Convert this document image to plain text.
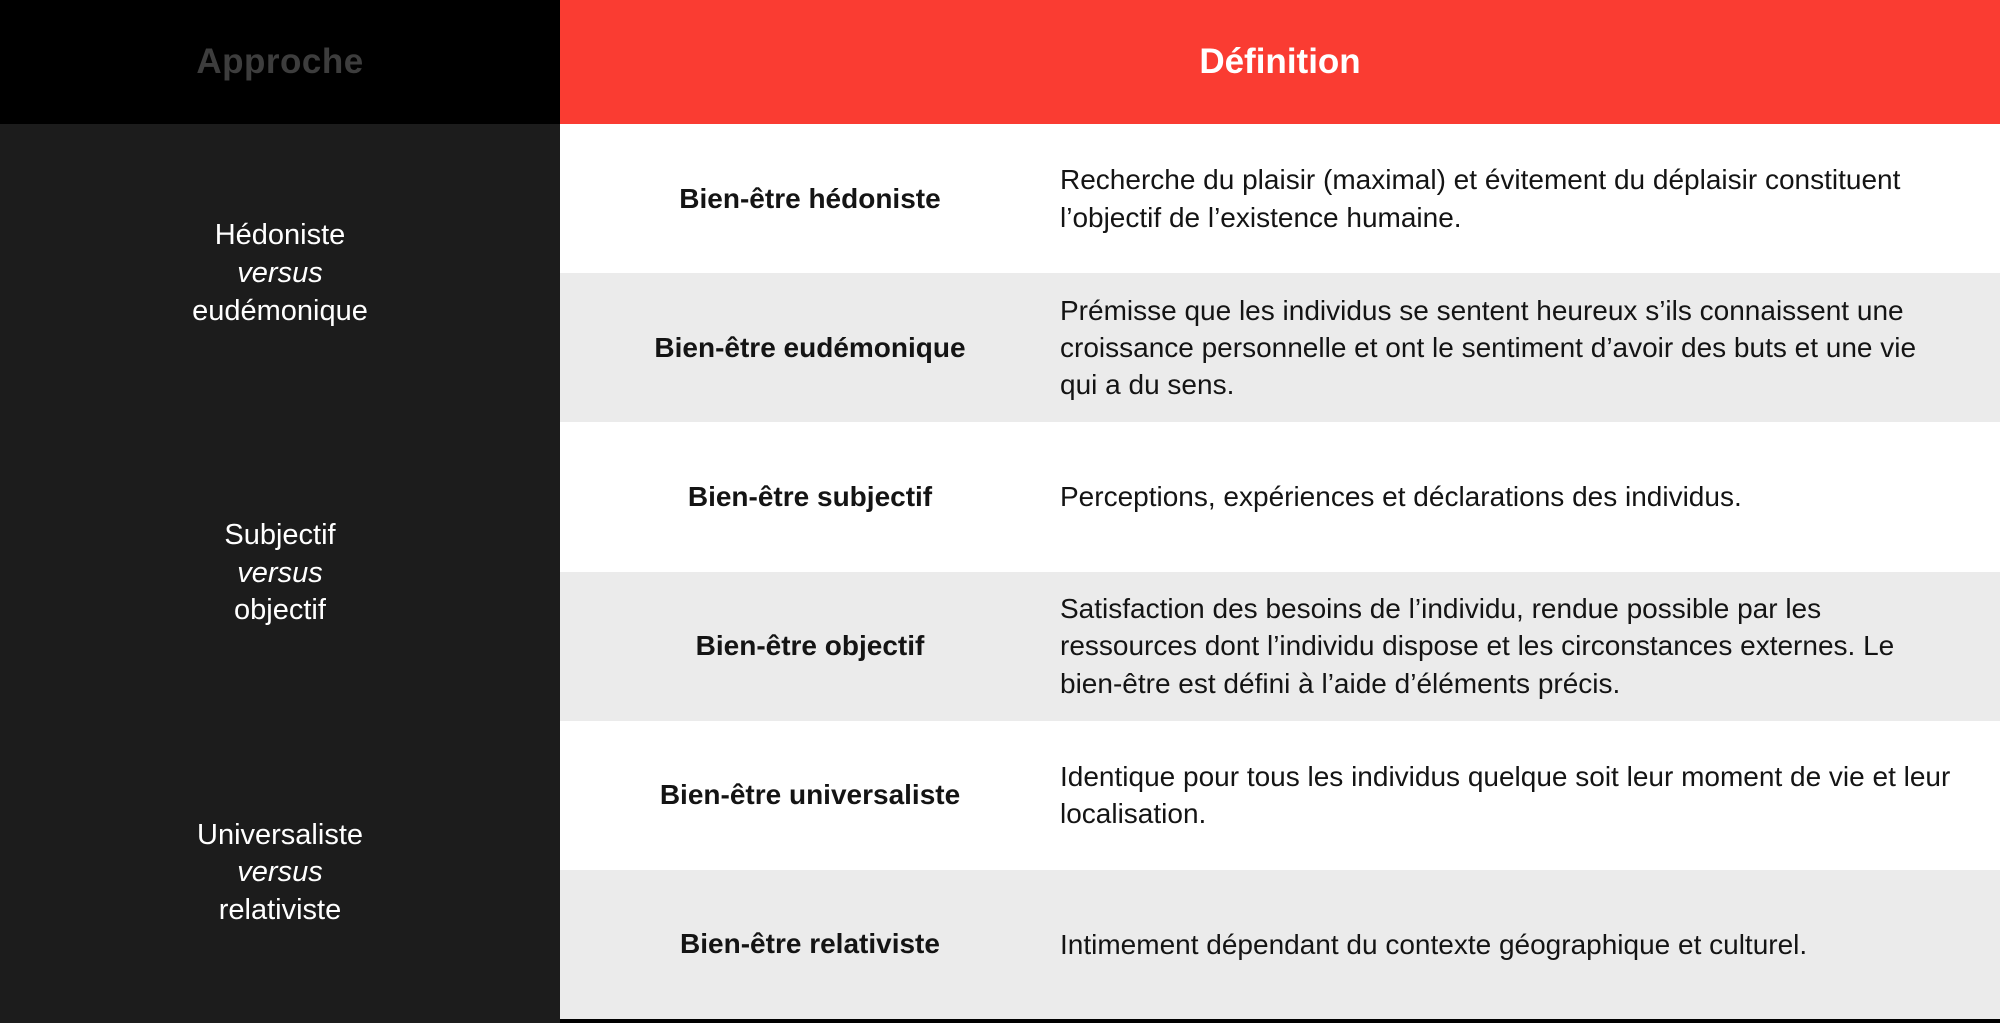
Approche
Hédoniste
versus
eudémonique
Subjectif
versus
objectif
Universaliste
versus
relativiste
Définition
Bien-être hédoniste
Recherche du plaisir (maximal) et évitement du déplaisir constituent l’objectif de l’existence humaine.
Bien-être eudémonique
Prémisse que les individus se sentent heureux s’ils connaissent une croissance personnelle et ont le sentiment d’avoir des buts et une vie qui a du sens.
Bien-être subjectif	Perceptions, expériences et déclarations des individus.
Bien-être objectif
Satisfaction des besoins de l’individu, rendue possible par les ressources dont l’individu dispose et les circonstances externes. Le bien-être est défini à l’aide d’éléments précis.
Bien-être universaliste
Identique pour tous les individus quelque soit leur moment de vie et leur localisation.
Bien-être relativiste	Intimement dépendant du contexte géographique et culturel.
